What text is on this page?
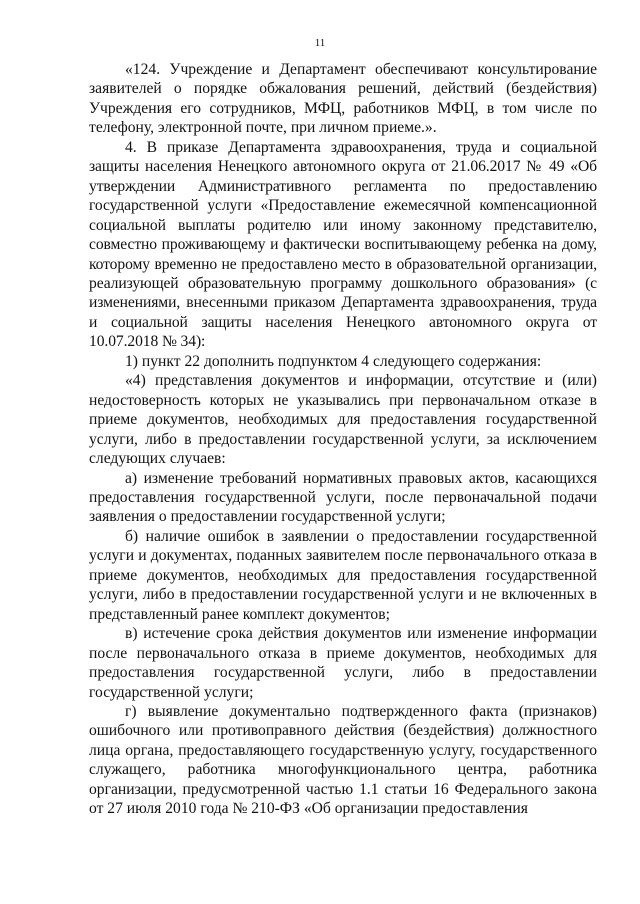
11

«124. Учреждение и Департамент обеспечивают консультирование заявителей о порядке обжалования решений, действий (бездействия) Учреждения его сотрудников, МФЦ, работников МФЦ, в том числе по телефону, электронной почте, при личном приеме.».

4. В приказе Департамента здравоохранения, труда и социальной защиты населения Ненецкого автономного округа от 21.06.2017 № 49 «Об утверждении Административного регламента по предоставлению государственной услуги «Предоставление ежемесячной компенсационной социальной выплаты родителю или иному законному представителю, совместно проживающему и фактически воспитывающему ребенка на дому, которому временно не предоставлено место в образовательной организации, реализующей образовательную программу дошкольного образования» (с изменениями, внесенными приказом Департамента здравоохранения, труда и социальной защиты населения Ненецкого автономного округа от 10.07.2018 № 34):

1) пункт 22 дополнить подпунктом 4 следующего содержания:

«4) представления документов и информации, отсутствие и (или) недостоверность которых не указывались при первоначальном отказе в приеме документов, необходимых для предоставления государственной услуги, либо в предоставлении государственной услуги, за исключением следующих случаев:

а) изменение требований нормативных правовых актов, касающихся предоставления государственной услуги, после первоначальной подачи заявления о предоставлении государственной услуги;

б) наличие ошибок в заявлении о предоставлении государственной услуги и документах, поданных заявителем после первоначального отказа в приеме документов, необходимых для предоставления государственной услуги, либо в предоставлении государственной услуги и не включенных в представленный ранее комплект документов;

в) истечение срока действия документов или изменение информации после первоначального отказа в приеме документов, необходимых для предоставления государственной услуги, либо в предоставлении государственной услуги;

г) выявление документально подтвержденного факта (признаков) ошибочного или противоправного действия (бездействия) должностного лица органа, предоставляющего государственную услугу, государственного служащего, работника многофункционального центра, работника организации, предусмотренной частью 1.1 статьи 16 Федерального закона от 27 июля 2010 года № 210-ФЗ «Об организации предоставления
